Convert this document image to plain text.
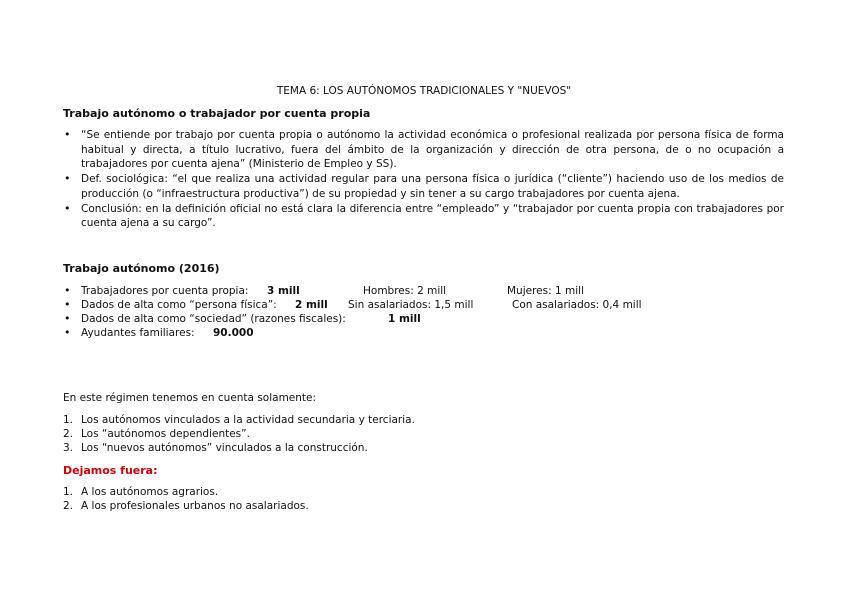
TEMA 6: LOS AUTÓNOMOS TRADICIONALES Y "NUEVOS"
Trabajo autónomo o trabajador por cuenta propia
• “Se entiende por trabajo por cuenta propia o autónomo la actividad económica o profesional realizada por persona física de forma habitual y directa, a título lucrativo, fuera del ámbito de la organización y dirección de otra persona, de o no ocupación a trabajadores por cuenta ajena” (Ministerio de Empleo y SS).
• Def. sociológica: “el que realiza una actividad regular para una persona física o jurídica (“cliente”) haciendo uso de los medios de producción (o “infraestructura productiva”) de su propiedad y sin tener a su cargo trabajadores por cuenta ajena.
• Conclusión: en la definición oficial no está clara la diferencia entre “empleado” y “trabajador por cuenta propia con trabajadores por cuenta ajena a su cargo”.
Trabajo autónomo (2016)
• Trabajadores por cuenta propia: 3 mill	Hombres: 2 mill	Mujeres: 1 mill
• Dados de alta como “persona física”: 2 mill Sin asalariados: 1,5 mill	Con asalariados: 0,4 mill
• Dados de alta como “sociedad” (razones fiscales):	1 mill
• Ayudantes familiares: 90.000
En este régimen tenemos en cuenta solamente:
1. Los autónomos vinculados a la actividad secundaria y terciaria.
2. Los “autónomos dependientes”.
3. Los “nuevos autónomos” vinculados a la construcción.
Dejamos fuera:
1. A los autónomos agrarios.
2. A los profesionales urbanos no asalariados.
